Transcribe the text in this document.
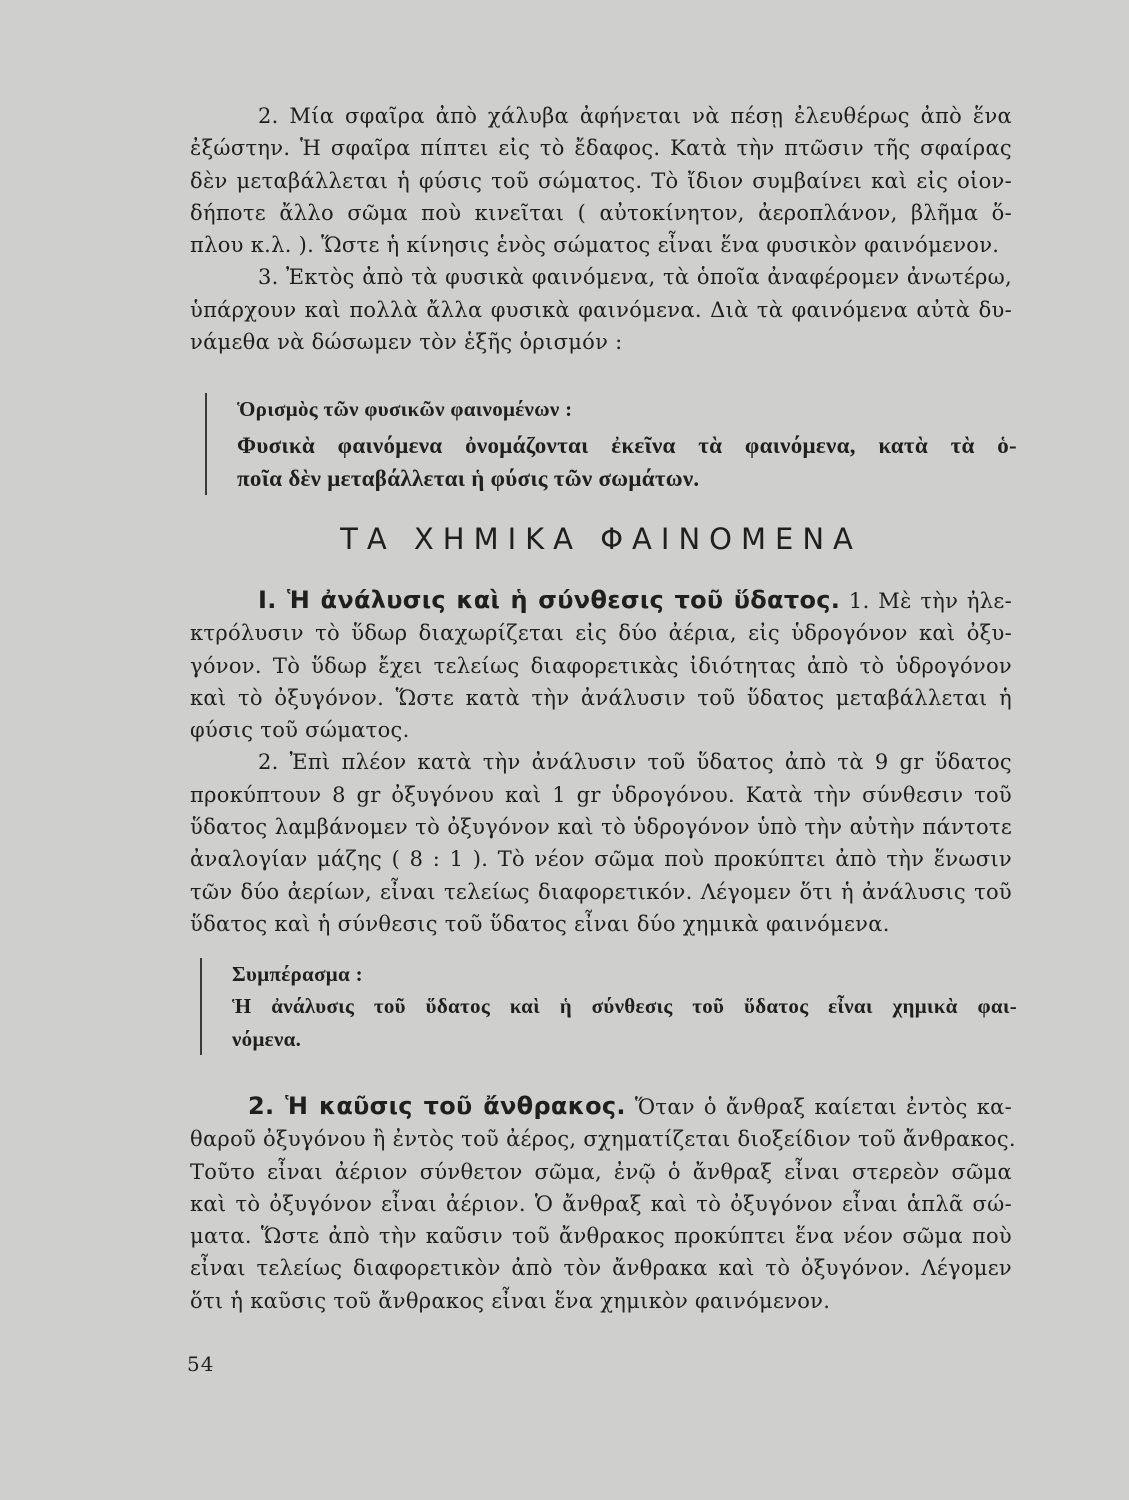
2. Μία σφαῖρα ἀπὸ χάλυβα ἀφήνεται νὰ πέσῃ ἐλευθέρως ἀπὸ ἕνα
ἐξώστην. Ἡ σφαῖρα πίπτει εἰς τὸ ἔδαφος. Κατὰ τὴν πτῶσιν τῆς σφαίρας
δὲν μεταβάλλεται ἡ φύσις τοῦ σώματος. Τὸ ἴδιον συμβαίνει καὶ εἰς οἱον-
δήποτε ἄλλο σῶμα ποὺ κινεῖται ( αὐτοκίνητον, ἀεροπλάνον, βλῆμα ὅ-
πλου κ.λ. ). Ὥστε ἡ κίνησις ἑνὸς σώματος εἶναι ἕνα φυσικὸν φαινόμενον.
3. Ἐκτὸς ἀπὸ τὰ φυσικὰ φαινόμενα, τὰ ὁποῖα ἀναφέρομεν ἀνωτέρω,
ὑπάρχουν καὶ πολλὰ ἄλλα φυσικὰ φαινόμενα. Διὰ τὰ φαινόμενα αὐτὰ δυ-
νάμεθα νὰ δώσωμεν τὸν ἑξῆς ὁρισμόν :
Ὁρισμὸς τῶν φυσικῶν φαινομένων :
Φυσικὰ φαινόμενα ὀνομάζονται ἐκεῖνα τὰ φαινόμενα, κατὰ τὰ ὁ-
ποῖα δὲν μεταβάλλεται ἡ φύσις τῶν σωμάτων.
ΤΑ ΧΗΜΙΚΑ ΦΑΙΝΟΜΕΝΑ
Ι. Ἡ ἀνάλυσις καὶ ἡ σύνθεσις τοῦ ὕδατος. 1. Μὲ τὴν ἠλε-
κτρόλυσιν τὸ ὕδωρ διαχωρίζεται εἰς δύο ἀέρια, εἰς ὑδρογόνον καὶ ὀξυ-
γόνον. Τὸ ὕδωρ ἔχει τελείως διαφορετικὰς ἰδιότητας ἀπὸ τὸ ὑδρογόνον
καὶ τὸ ὀξυγόνον. Ὥστε κατὰ τὴν ἀνάλυσιν τοῦ ὕδατος μεταβάλλεται ἡ
φύσις τοῦ σώματος.
2. Ἐπὶ πλέον κατὰ τὴν ἀνάλυσιν τοῦ ὕδατος ἀπὸ τὰ 9 gr ὕδατος
προκύπτουν 8 gr ὀξυγόνου καὶ 1 gr ὑδρογόνου. Κατὰ τὴν σύνθεσιν τοῦ
ὕδατος λαμβάνομεν τὸ ὀξυγόνον καὶ τὸ ὑδρογόνον ὑπὸ τὴν αὐτὴν πάντοτε
ἀναλογίαν μάζης ( 8 : 1 ). Τὸ νέον σῶμα ποὺ προκύπτει ἀπὸ τὴν ἕνωσιν
τῶν δύο ἀερίων, εἶναι τελείως διαφορετικόν. Λέγομεν ὅτι ἡ ἀνάλυσις τοῦ
ὕδατος καὶ ἡ σύνθεσις τοῦ ὕδατος εἶναι δύο χημικὰ φαινόμενα.
Συμπέρασμα :
Ἡ ἀνάλυσις τοῦ ὕδατος καὶ ἡ σύνθεσις τοῦ ὕδατος εἶναι χημικὰ φαι-
νόμενα.
2. Ἡ καῦσις τοῦ ἄνθρακος. Ὅταν ὁ ἄνθραξ καίεται ἐντὸς κα-
θαροῦ ὀξυγόνου ἢ ἐντὸς τοῦ ἀέρος, σχηματίζεται διοξείδιον τοῦ ἄνθρακος.
Τοῦτο εἶναι ἀέριον σύνθετον σῶμα, ἐνῷ ὁ ἄνθραξ εἶναι στερεὸν σῶμα
καὶ τὸ ὀξυγόνον εἶναι ἀέριον. Ὁ ἄνθραξ καὶ τὸ ὀξυγόνον εἶναι ἁπλᾶ σώ-
ματα. Ὥστε ἀπὸ τὴν καῦσιν τοῦ ἄνθρακος προκύπτει ἕνα νέον σῶμα ποὺ
εἶναι τελείως διαφορετικὸν ἀπὸ τὸν ἄνθρακα καὶ τὸ ὀξυγόνον. Λέγομεν
ὅτι ἡ καῦσις τοῦ ἄνθρακος εἶναι ἕνα χημικὸν φαινόμενον.
54
